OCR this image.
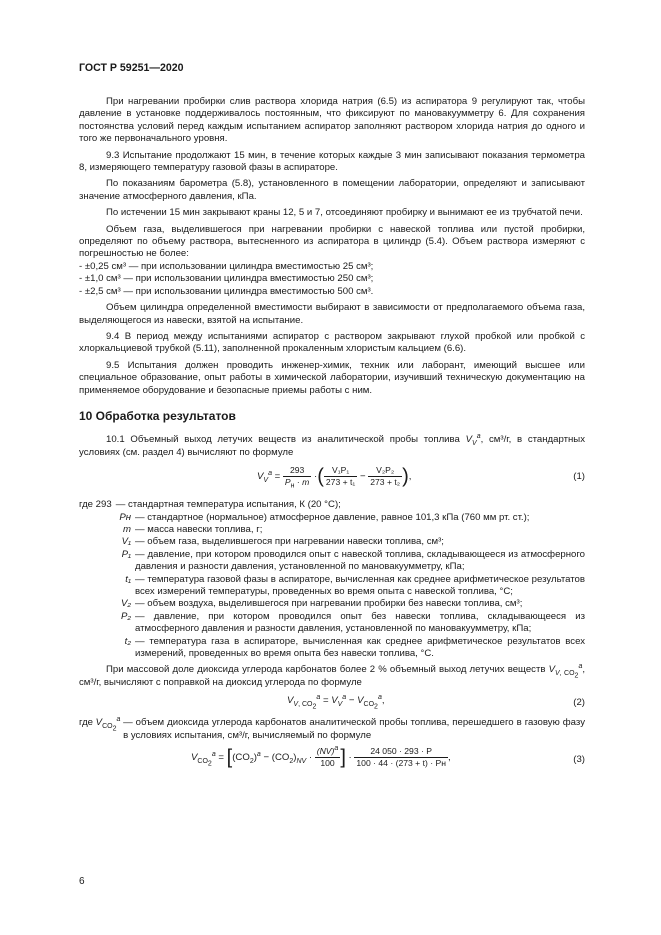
ГОСТ Р 59251—2020

При нагревании пробирки слив раствора хлорида натрия (6.5) из аспиратора 9 регулируют так, чтобы давление в установке поддерживалось постоянным, что фиксируют по мановакуумметру 6. Для сохранения постоянства условий перед каждым испытанием аспиратор заполняют раствором хлорида натрия до одного и того же первоначального уровня.

9.3 Испытание продолжают 15 мин, в течение которых каждые 3 мин записывают показания термометра 8, измеряющего температуру газовой фазы в аспираторе.

По показаниям барометра (5.8), установленного в помещении лаборатории, определяют и записывают значение атмосферного давления, кПа.

По истечении 15 мин закрывают краны 12, 5 и 7, отсоединяют пробирку и вынимают ее из трубчатой печи.

Объем газа, выделившегося при нагревании пробирки с навеской топлива или пустой пробирки, определяют по объему раствора, вытесненного из аспиратора в цилиндр (5.4). Объем раствора измеряют с погрешностью не более:

- ±0,25 см³ — при использовании цилиндра вместимостью 25 см³;

- ±1,0 см³ — при использовании цилиндра вместимостью 250 см³;

- ±2,5 см³ — при использовании цилиндра вместимостью 500 см³.

Объем цилиндра определенной вместимости выбирают в зависимости от предполагаемого объема газа, выделяющегося из навески, взятой на испытание.

9.4 В период между испытаниями аспиратор с раствором закрывают глухой пробкой или пробкой с хлоркальциевой трубкой (5.11), заполненной прокаленным хлористым кальцием (6.6).

9.5 Испытания должен проводить инженер-химик, техник или лаборант, имеющий высшее или специальное образование, опыт работы в химической лаборатории, изучивший техническую документацию на применяемое оборудование и безопасные приемы работы с ним.

10 Обработка результатов

10.1 Объемный выход летучих веществ из аналитической пробы топлива $V_V^a$, см³/г, в стандартных условиях (см. раздел 4) вычисляют по формуле

$V_V^a = \frac{293}{P_н \cdot m}$ ·( $\frac{\text{V₁P₁}}{\text{273 + t₁}} - \frac{\text{V₂P₂}}{\text{273 + t₂}}$ ),	(1)
где 293 — стандартная температура испытания, К (20 °C);
Pн — стандартное (нормальное) атмосферное давление, равное 101,3 кПа (760 мм рт. ст.);
m — масса навески топлива, г;
V₁ — объем газа, выделившегося при нагревании навески топлива, см³;
P₁ — давление, при котором проводился опыт с навеской топлива, складывающееся из атмосферного давления и разности давления, установленной по мановакуумметру, кПа;
t₁ — температура газовой фазы в аспираторе, вычисленная как среднее арифметическое результатов всех измерений температуры, проведенных во время опыта с навеской топлива, °C;
V₂ — объем воздуха, выделившегося при нагревании пробирки без навески топлива, см³;
P₂ — давление, при котором проводился опыт без навески топлива, складывающееся из атмосферного давления и разности давления, установленной по мановакуумметру, кПа;
t₂ — температура газа в аспираторе, вычисленная как среднее арифметическое результатов всех измерений, проведенных во время опыта без навески топлива, °C.

При массовой доле диоксида углерода карбонатов более 2 % объемный выход летучих веществ $V_{V, CO_2}^a$, см³/г, вычисляют с поправкой на диоксид углерода по формуле

$V_{V, CO_2}^a = V_V^a - V_{CO_2}^a$,	(2)
где $V_{CO_2}^a$ — объем диоксида углерода карбонатов аналитической пробы топлива, перешедшего в газовую фазу в условиях испытания, см³/г, вычисляемый по формуле
$V_{CO_2}^a = [(CO_2)^a - (CO_2)_{NV} \cdot \frac{(NV)^a}{100}$ ] · $\frac{24 050 \cdot 293 \cdot P}{100 \cdot 44 \cdot (273 + t) \cdot Pн}$ ,	(3)
6
